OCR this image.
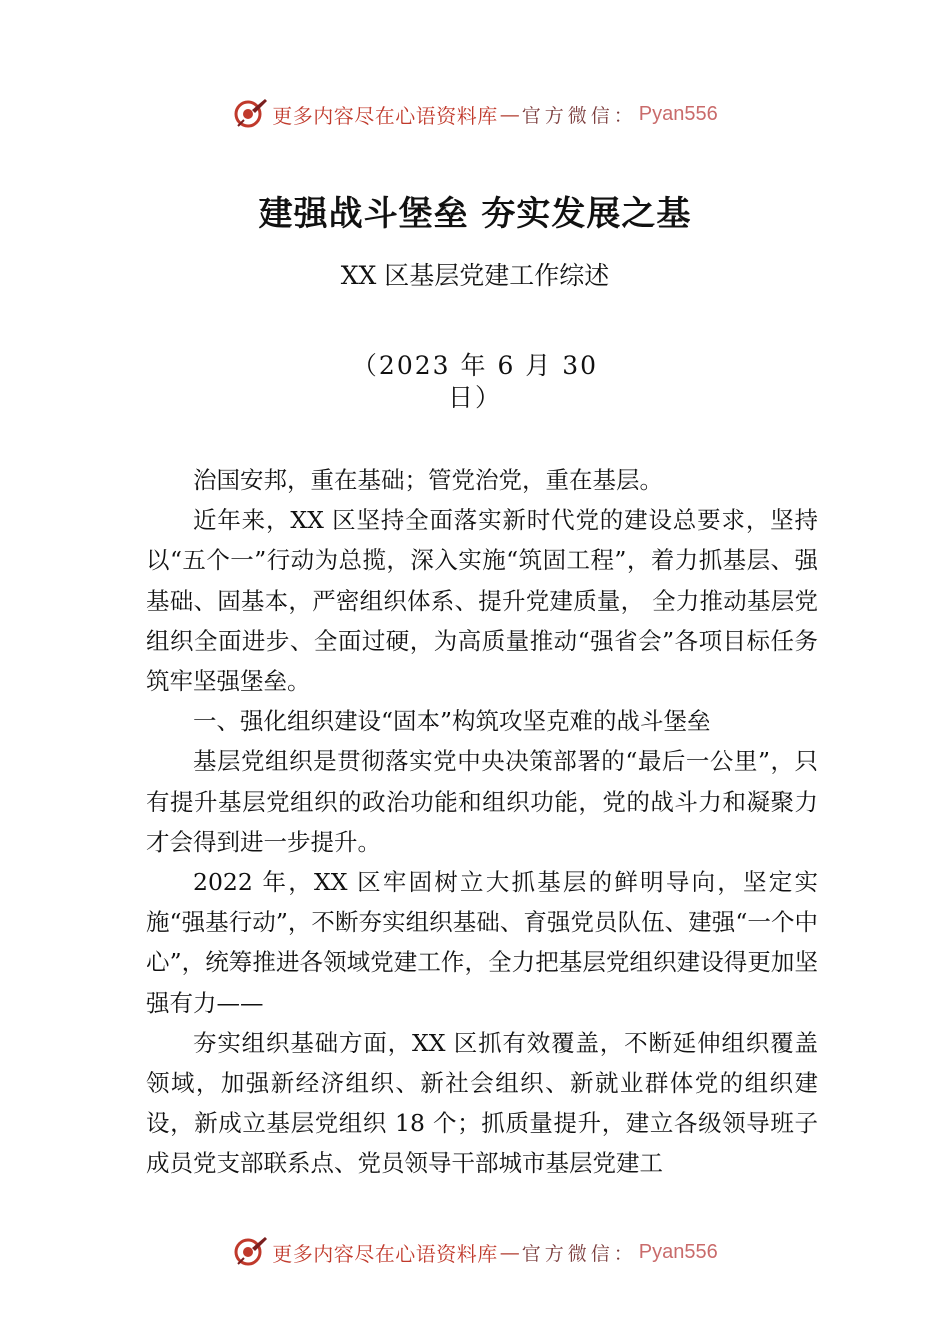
更多内容尽在心语资料库 — 官方微信： Pyan556
建强战斗堡垒 夯实发展之基
XX 区基层党建工作综述
（2023 年 6 月 30 日）

治国安邦，重在基础；管党治党，重在基层。

近年来，XX 区坚持全面落实新时代党的建设总要求，坚持以“五个一”行动为总揽，深入实施“筑固工程”，着力抓基层、强基础、固基本，严密组织体系、提升党建质量， 全力推动基层党组织全面进步、全面过硬，为高质量推动“强省会”各项目标任务筑牢坚强堡垒。

一、强化组织建设“固本”构筑攻坚克难的战斗堡垒

基层党组织是贯彻落实党中央决策部署的“最后一公里”，只有提升基层党组织的政治功能和组织功能，党的战斗力和凝聚力才会得到进一步提升。

2022 年，XX 区牢固树立大抓基层的鲜明导向，坚定实施“强基行动”，不断夯实组织基础、育强党员队伍、建强“一个中心”，统筹推进各领域党建工作，全力把基层党组织建设得更加坚强有力——

夯实组织基础方面，XX 区抓有效覆盖，不断延伸组织覆盖领域，加强新经济组织、新社会组织、新就业群体党的组织建设，新成立基层党组织 18 个；抓质量提升，建立各级领导班子成员党支部联系点、党员领导干部城市基层党建工

更多内容尽在心语资料库 — 官方微信： Pyan556
